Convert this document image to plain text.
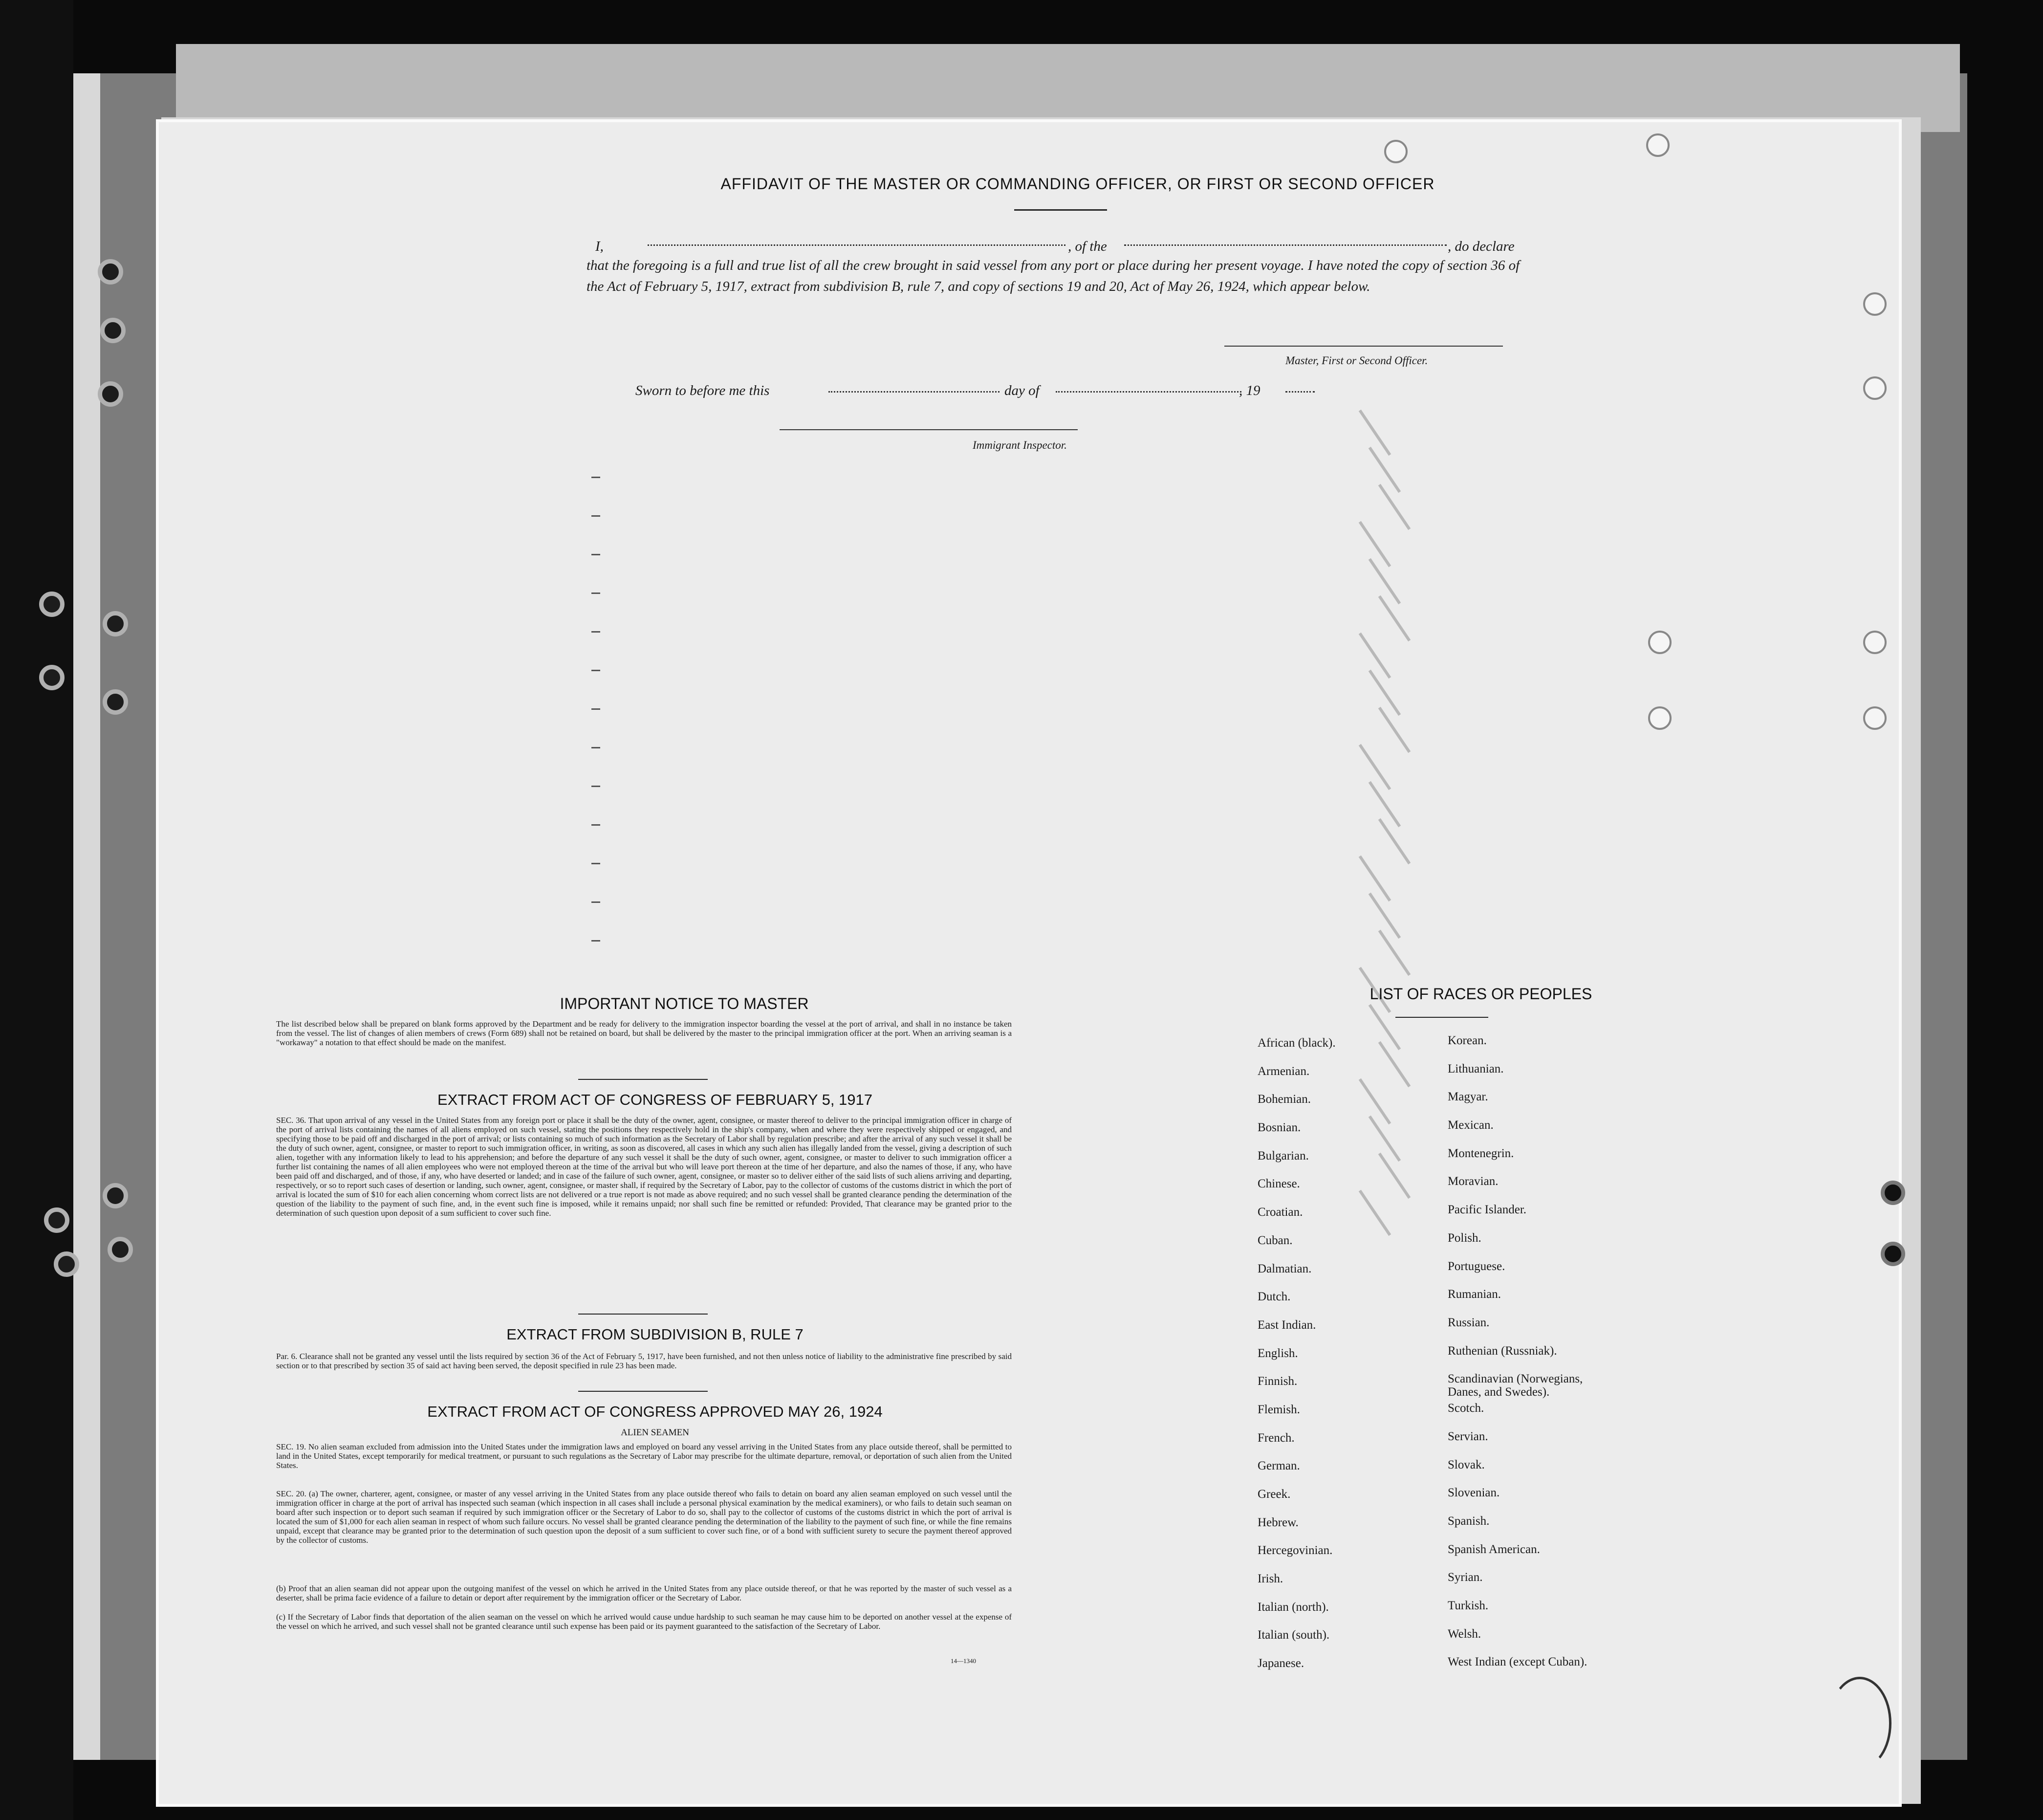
AFFIDAVIT OF THE MASTER OR COMMANDING OFFICER, OR FIRST OR SECOND OFFICER
I,	, of the	, do declare
that the foregoing is a full and true list of all the crew brought in said vessel from any port or place during her present voyage. I have noted the copy of section 36 of the Act of February 5, 1917, extract from subdivision B, rule 7, and copy of sections 19 and 20, Act of May 26, 1924, which appear below.
Master, First or Second Officer.
Sworn to before me this	day of	, 19
Immigrant Inspector.
IMPORTANT NOTICE TO MASTER
The list described below shall be prepared on blank forms approved by the Department and be ready for delivery to the immigration inspector boarding the vessel at the port of arrival, and shall in no instance be taken from the vessel. The list of changes of alien members of crews (Form 689) shall not be retained on board, but shall be delivered by the master to the principal immigration officer at the port. When an arriving seaman is a "workaway" a notation to that effect should be made on the manifest.
EXTRACT FROM ACT OF CONGRESS OF FEBRUARY 5, 1917
SEC. 36. That upon arrival of any vessel in the United States from any foreign port or place it shall be the duty of the owner, agent, consignee, or master thereof to deliver to the principal immigration officer in charge of the port of arrival lists containing the names of all aliens employed on such vessel, stating the positions they respectively hold in the ship's company, when and where they were respectively shipped or engaged, and specifying those to be paid off and discharged in the port of arrival; or lists containing so much of such information as the Secretary of Labor shall by regulation prescribe; and after the arrival of any such vessel it shall be the duty of such owner, agent, consignee, or master to report to such immigration officer, in writing, as soon as discovered, all cases in which any such alien has illegally landed from the vessel, giving a description of such alien, together with any information likely to lead to his apprehension; and before the departure of any such vessel it shall be the duty of such owner, agent, consignee, or master to deliver to such immigration officer a further list containing the names of all alien employees who were not employed thereon at the time of the arrival but who will leave port thereon at the time of her departure, and also the names of those, if any, who have been paid off and discharged, and of those, if any, who have deserted or landed; and in case of the failure of such owner, agent, consignee, or master so to deliver either of the said lists of such aliens arriving and departing, respectively, or so to report such cases of desertion or landing, such owner, agent, consignee, or master shall, if required by the Secretary of Labor, pay to the collector of customs of the customs district in which the port of arrival is located the sum of $10 for each alien concerning whom correct lists are not delivered or a true report is not made as above required; and no such vessel shall be granted clearance pending the determination of the question of the liability to the payment of such fine, and, in the event such fine is imposed, while it remains unpaid; nor shall such fine be remitted or refunded: Provided, That clearance may be granted prior to the determination of such question upon deposit of a sum sufficient to cover such fine.
EXTRACT FROM SUBDIVISION B, RULE 7
Par. 6. Clearance shall not be granted any vessel until the lists required by section 36 of the Act of February 5, 1917, have been furnished, and not then unless notice of liability to the administrative fine prescribed by said section or to that prescribed by section 35 of said act having been served, the deposit specified in rule 23 has been made.
EXTRACT FROM ACT OF CONGRESS APPROVED MAY 26, 1924
ALIEN SEAMEN
SEC. 19. No alien seaman excluded from admission into the United States under the immigration laws and employed on board any vessel arriving in the United States from any place outside thereof, shall be permitted to land in the United States, except temporarily for medical treatment, or pursuant to such regulations as the Secretary of Labor may prescribe for the ultimate departure, removal, or deportation of such alien from the United States.
SEC. 20. (a) The owner, charterer, agent, consignee, or master of any vessel arriving in the United States from any place outside thereof who fails to detain on board any alien seaman employed on such vessel until the immigration officer in charge at the port of arrival has inspected such seaman (which inspection in all cases shall include a personal physical examination by the medical examiners), or who fails to detain such seaman on board after such inspection or to deport such seaman if required by such immigration officer or the Secretary of Labor to do so, shall pay to the collector of customs of the customs district in which the port of arrival is located the sum of $1,000 for each alien seaman in respect of whom such failure occurs. No vessel shall be granted clearance pending the determination of the liability to the payment of such fine, or while the fine remains unpaid, except that clearance may be granted prior to the determination of such question upon the deposit of a sum sufficient to cover such fine, or of a bond with sufficient surety to secure the payment thereof approved by the collector of customs.
(b) Proof that an alien seaman did not appear upon the outgoing manifest of the vessel on which he arrived in the United States from any place outside thereof, or that he was reported by the master of such vessel as a deserter, shall be prima facie evidence of a failure to detain or deport after requirement by the immigration officer or the Secretary of Labor.
(c) If the Secretary of Labor finds that deportation of the alien seaman on the vessel on which he arrived would cause undue hardship to such seaman he may cause him to be deported on another vessel at the expense of the vessel on which he arrived, and such vessel shall not be granted clearance until such expense has been paid or its payment guaranteed to the satisfaction of the Secretary of Labor.
14—1340
LIST OF RACES OR PEOPLES
African (black).
Armenian.
Bohemian.
Bosnian.
Bulgarian.
Chinese.
Croatian.
Cuban.
Dalmatian.
Dutch.
East Indian.
English.
Finnish.
Flemish.
French.
German.
Greek.
Hebrew.
Hercegovinian.
Irish.
Italian (north).
Italian (south).
Japanese.
Korean.
Lithuanian.
Magyar.
Mexican.
Montenegrin.
Moravian.
Pacific Islander.
Polish.
Portuguese.
Rumanian.
Russian.
Ruthenian (Russniak).
Scandinavian (Norwegians, Danes, and Swedes).
Scotch.
Servian.
Slovak.
Slovenian.
Spanish.
Spanish American.
Syrian.
Turkish.
Welsh.
West Indian (except Cuban).
